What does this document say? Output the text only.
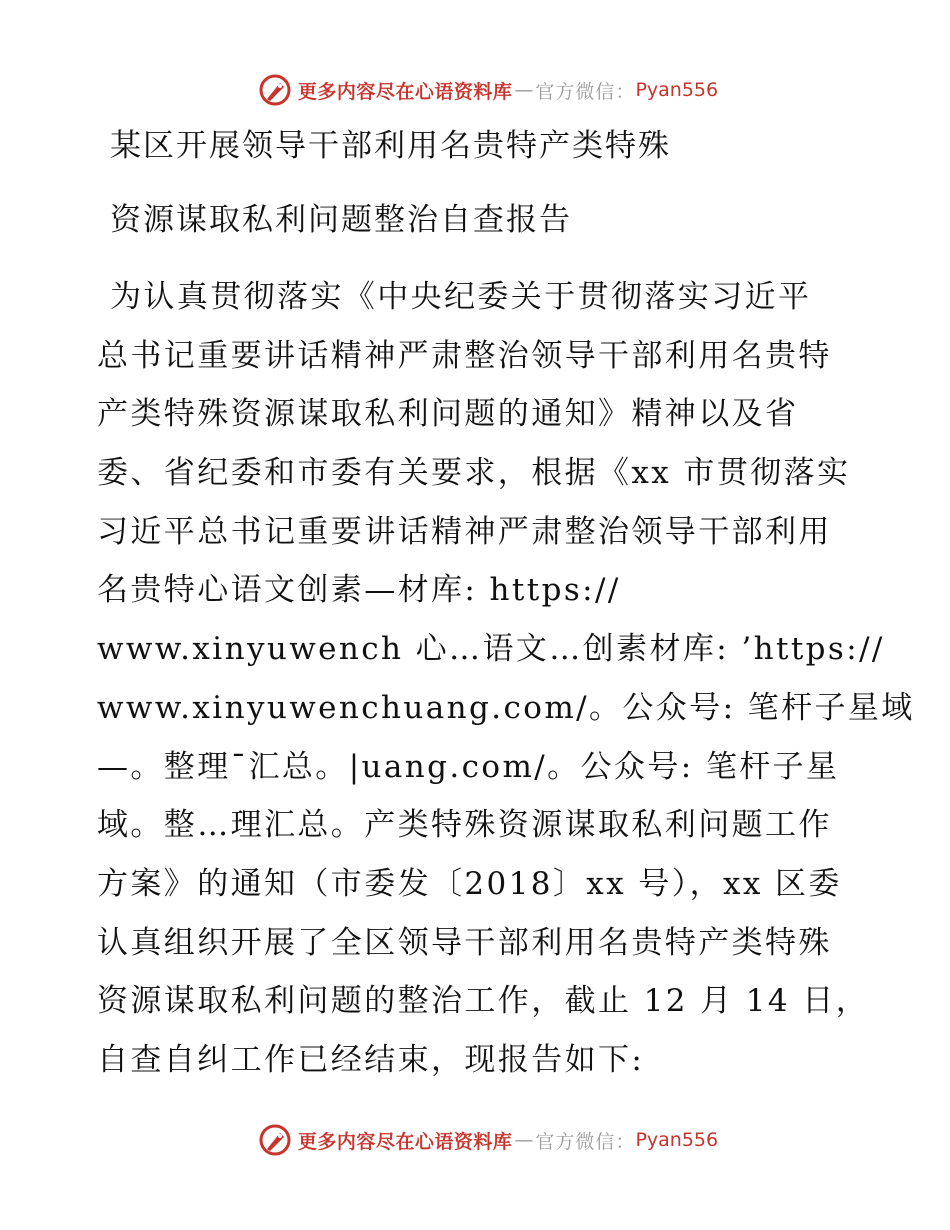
更多内容尽在心语资料库 — 官方微信： Pyan556
某区开展领导干部利用名贵特产类特殊
资源谋取私利问题整治自查报告
为认真贯彻落实《中央纪委关于贯彻落实习近平
总书记重要讲话精神严肃整治领导干部利用名贵特
产类特殊资源谋取私利问题的通知》精神以及省
委、省纪委和市委有关要求，根据《xx 市贯彻落实
习近平总书记重要讲话精神严肃整治领导干部利用
名贵特心语文创素—材库: https://
www.xinyuwench 心…语文…创素材库: ’https://
www.xinyuwenchuang.com/。公众号: 笔杆子星域
—。整理¯汇总。|uang.com/。公众号: 笔杆子星
域。整…理汇总。产类特殊资源谋取私利问题工作
方案》的通知（市委发〔2018〕xx 号），xx 区委
认真组织开展了全区领导干部利用名贵特产类特殊
资源谋取私利问题的整治工作，截止 12 月 14 日，
自查自纠工作已经结束，现报告如下:
更多内容尽在心语资料库 — 官方微信： Pyan556
